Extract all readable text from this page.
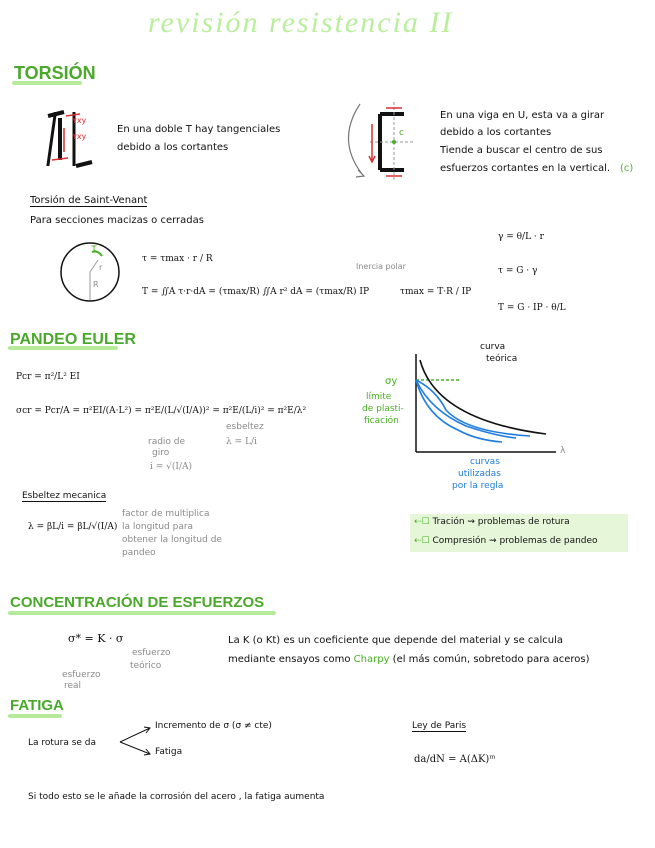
revisión resistencia II
TORSIÓN
τxy
τxy
En una doble T hay tangenciales
debido a los cortantes
c
En una viga en U, esta va a girar
debido a los cortantes
Tiende a buscar el centro de sus
esfuerzos cortantes en la vertical. (c)
Torsión de Saint-Venant
Para secciones macizas o cerradas
τ
r
R
τ = τmax · r / R
T = ∬A τ·r·dA = (τmax/R) ∬A r² dA = (τmax/R) IP
Inercia polar
τmax = T·R / IP
γ = θ/L · r
τ = G · γ
T = G · IP · θ/L
PANDEO EULER
Pcr = π²/L² EI
σcr = Pcr/A = π²EI/(A·L²) = π²E/(L/√(I/A))² = π²E/(L/i)² = π²E/λ²
radio de
giro
i = √(I/A)
esbeltez
λ = L/i
Esbeltez mecanica
λ = βL/i = βL/√(I/A)
factor de multiplica
la longitud para
obtener la longitud de
pandeo
σy
límite
de plasti-
ficación
curva
teórica
curvas
utilizadas
por la regla
λ
⇠☐ Tración ⇝ problemas de rotura
⇠☐ Compresión ⇝ problemas de pandeo
CONCENTRACIÓN DE ESFUERZOS
σ* = K · σ
esfuerzo
real
esfuerzo
teórico
La K (o Kt) es un coeficiente que depende del material y se calcula
mediante ensayos como Charpy (el más común, sobretodo para aceros)
FATIGA
La rotura se da
Incremento de σ (σ ≠ cte)
Fatiga
Ley de Paris
da/dN = A(ΔK)ᵐ
Si todo esto se le añade la corrosión del acero , la fatiga aumenta
